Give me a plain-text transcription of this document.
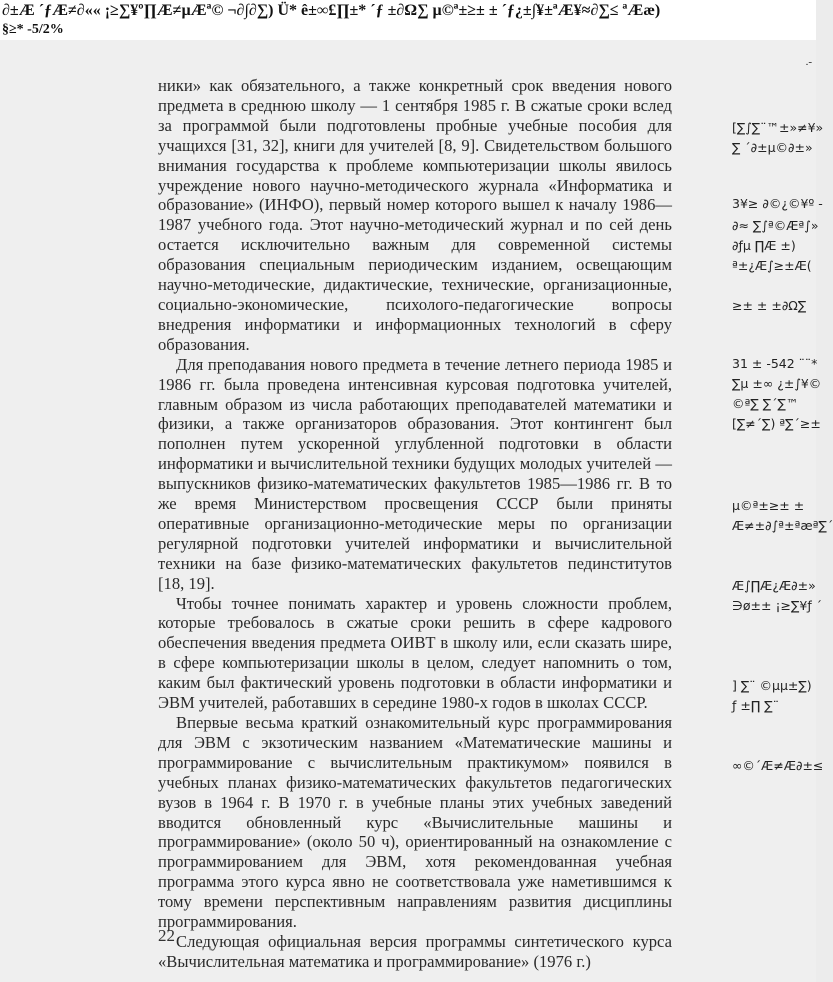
∂±Æ ´ƒÆ≠∂«« ¡≥∑¥º∏Æ≠µÆª© ¬∂∫∂∑) Ü* ê±∞£∏±* ´ƒ ±∂Ω∑ µ©ª±≥± ± ´ƒ¿±∫¥±ªÆ¥≈∂∑≤ ªÆæ)
§≥* -5/2%
.-

ники» как обязательного, а также конкретный срок введения нового предмета в среднюю школу — 1 сентября 1985 г. В сжатые сроки вслед за программой были подготовлены пробные учебные пособия для учащихся [31, 32], книги для учителей [8, 9]. Свидетельством большого внимания государства к проблеме компьютеризации школы явилось учреждение нового научно-методического журнала «Информатика и образование» (ИНФО), первый номер которого вышел к началу 1986—1987 учебного года. Этот научно-методический журнал и по сей день остается исключительно важным для современной системы образования специальным периодическим изданием, освещающим научно-методические, дидактические, технические, организационные, социально-экономические, психолого-педагогические вопросы внедрения информатики и информационных технологий в сферу образования.

Для преподавания нового предмета в течение летнего периода 1985 и 1986 гг. была проведена интенсивная курсовая подготовка учителей, главным образом из числа работающих преподавателей математики и физики, а также организаторов образования. Этот контингент был пополнен путем ускоренной углубленной подготовки в области информатики и вычислительной техники будущих молодых учителей — выпускников физико-математических факультетов 1985—1986 гг. В то же время Министерством просвещения СССР были приняты оперативные организационно-методические меры по организации регулярной подготовки учителей информатики и вычислительной техники на базе физико-математических факультетов пединститутов [18, 19].

Чтобы точнее понимать характер и уровень сложности проблем, которые требовалось в сжатые сроки решить в сфере кадрового обеспечения введения предмета ОИВТ в школу или, если сказать шире, в сфере компьютеризации школы в целом, следует напомнить о том, каким был фактический уровень подготовки в области информатики и ЭВМ учителей, работавших в середине 1980-х годов в школах СССР.

Впервые весьма краткий ознакомительный курс программирования для ЭВМ с экзотическим названием «Математические машины и программирование с вычислительным практикумом» появился в учебных планах физико-математических факультетов педагогических вузов в 1964 г. В 1970 г. в учебные планы этих учебных заведений вводится обновленный курс «Вычислительные машины и программирование» (около 50 ч), ориентированный на ознакомление с программированием для ЭВМ, хотя рекомендованная учебная программа этого курса явно не соответствовала уже наметившимся к тому времени перспективным направлениям развития дисциплины программирования.

Следующая официальная версия программы синтетического курса «Вычислительная математика и программирование» (1976 г.)

22
[∑∫∑¨™±»≠¥»
∑ ´∂±µ©∂±»
3¥≥ ∂©¿©¥º -
∂≈ ∑∫ª©Æª∫»
∂ƒµ ∏Æ ±)
ª±¿Æ∫≥±Æ(
≥± ± ±∂Ω∑
31 ± -542 ¨¨*
∑µ ±∞ ¿±∫¥©
©ª∑ ∑´∑™
[∑≠´∑) ª∑´≥±
µ©ª±≥± ±
Æ≠±∂∫ª±ªæª∑´
Æ∫∏Æ¿Æ∂±»
∋ø±± ¡≥∑¥ƒ ´
] ∑¨ ©µµ±∑)
ƒ ±∏ ∑¨
∞©´Æ≠Æ∂±≤
